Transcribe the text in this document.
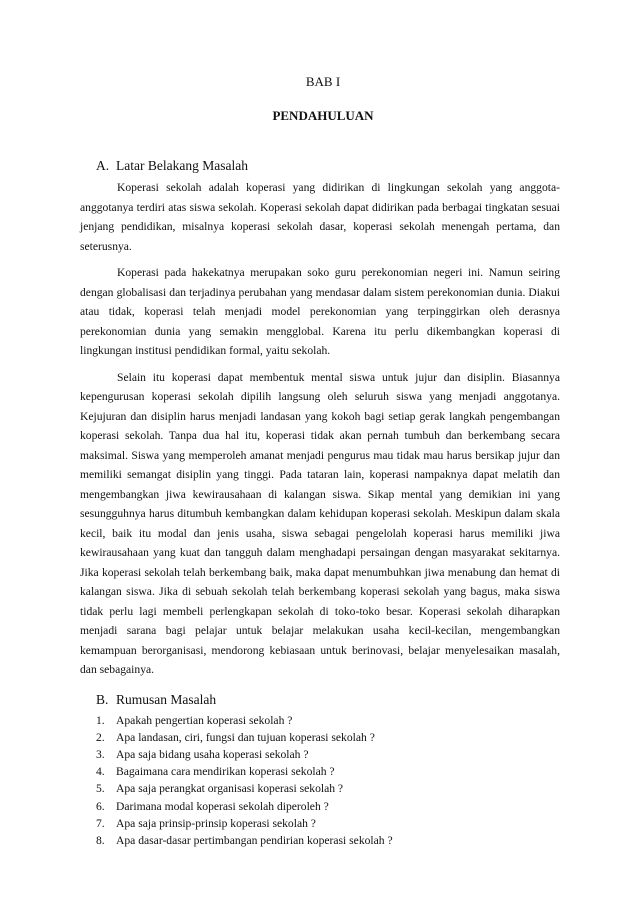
BAB I
PENDAHULUAN
A. Latar Belakang Masalah

Koperasi sekolah adalah koperasi yang didirikan di lingkungan sekolah yang anggota-anggotanya terdiri atas siswa sekolah. Koperasi sekolah dapat didirikan pada berbagai tingkatan sesuai jenjang pendidikan, misalnya koperasi sekolah dasar, koperasi sekolah menengah pertama, dan seterusnya.

Koperasi pada hakekatnya merupakan soko guru perekonomian negeri ini. Namun seiring dengan globalisasi dan terjadinya perubahan yang mendasar dalam sistem perekonomian dunia. Diakui atau tidak, koperasi telah menjadi model perekonomian yang terpinggirkan oleh derasnya perekonomian dunia yang semakin mengglobal. Karena itu perlu dikembangkan koperasi di lingkungan institusi pendidikan formal, yaitu sekolah.

Selain itu koperasi dapat membentuk mental siswa untuk jujur dan disiplin. Biasannya kepengurusan koperasi sekolah dipilih langsung oleh seluruh siswa yang menjadi anggotanya. Kejujuran dan disiplin harus menjadi landasan yang kokoh bagi setiap gerak langkah pengembangan koperasi sekolah. Tanpa dua hal itu, koperasi tidak akan pernah tumbuh dan berkembang secara maksimal. Siswa yang memperoleh amanat menjadi pengurus mau tidak mau harus bersikap jujur dan memiliki semangat disiplin yang tinggi. Pada tataran lain, koperasi nampaknya dapat melatih dan mengembangkan jiwa kewirausahaan di kalangan siswa. Sikap mental yang demikian ini yang sesungguhnya harus ditumbuh kembangkan dalam kehidupan koperasi sekolah. Meskipun dalam skala kecil, baik itu modal dan jenis usaha, siswa sebagai pengelolah koperasi harus memiliki jiwa kewirausahaan yang kuat dan tangguh dalam menghadapi persaingan dengan masyarakat sekitarnya. Jika koperasi sekolah telah berkembang baik, maka dapat menumbuhkan jiwa menabung dan hemat di kalangan siswa. Jika di sebuah sekolah telah berkembang koperasi sekolah yang bagus, maka siswa tidak perlu lagi membeli perlengkapan sekolah di toko-toko besar. Koperasi sekolah diharapkan menjadi sarana bagi pelajar untuk belajar melakukan usaha kecil-kecilan, mengembangkan kemampuan berorganisasi, mendorong kebiasaan untuk berinovasi, belajar menyelesaikan masalah, dan sebagainya.

B. Rumusan Masalah
1. Apakah pengertian koperasi sekolah ?
2. Apa landasan, ciri, fungsi dan tujuan koperasi sekolah ?
3. Apa saja bidang usaha koperasi sekolah ?
4. Bagaimana cara mendirikan koperasi sekolah ?
5. Apa saja perangkat organisasi koperasi sekolah ?
6. Darimana modal koperasi sekolah diperoleh ?
7. Apa saja prinsip-prinsip koperasi sekolah ?
8. Apa dasar-dasar pertimbangan pendirian koperasi sekolah ?
